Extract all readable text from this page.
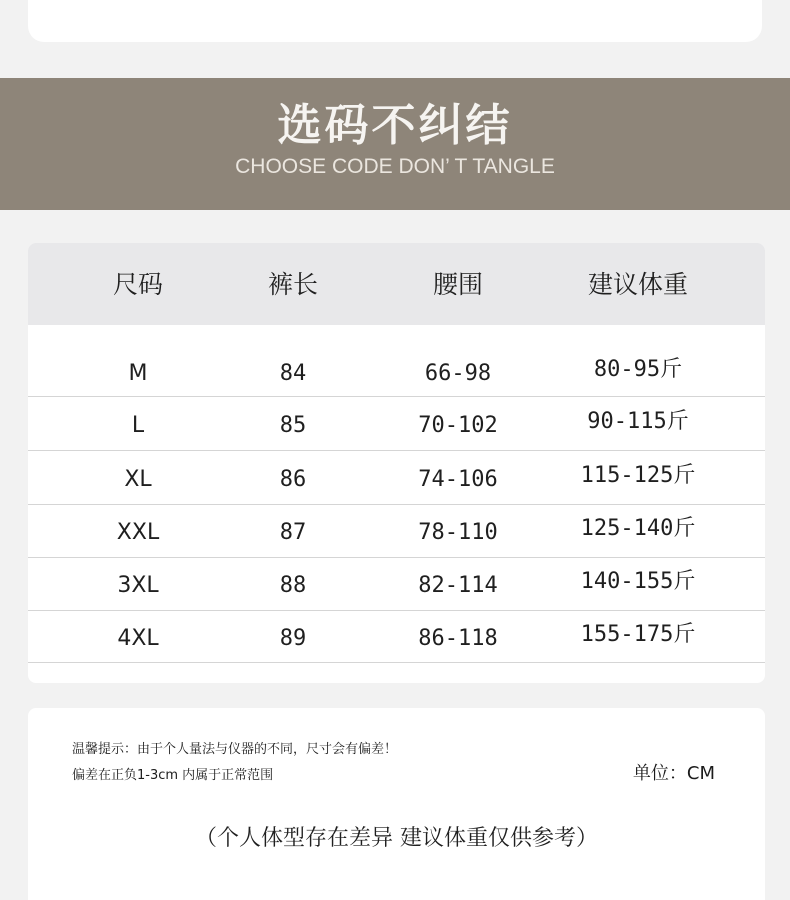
选码不纠结
CHOOSE CODE DON’ T TANGLE
尺码	裤长	腰围	建议体重
M	84	66-98	80-95斤
L	85	70-102	90-115斤
XL	86	74-106	115-125斤
XXL	87	78-110	125-140斤
3XL	88	82-114	140-155斤
4XL	89	86-118	155-175斤
温馨提示：由于个人量法与仪器的不同，尺寸会有偏差！
偏差在正负1-3cm 内属于正常范围	单位：CM
（个人体型存在差异 建议体重仅供参考）
